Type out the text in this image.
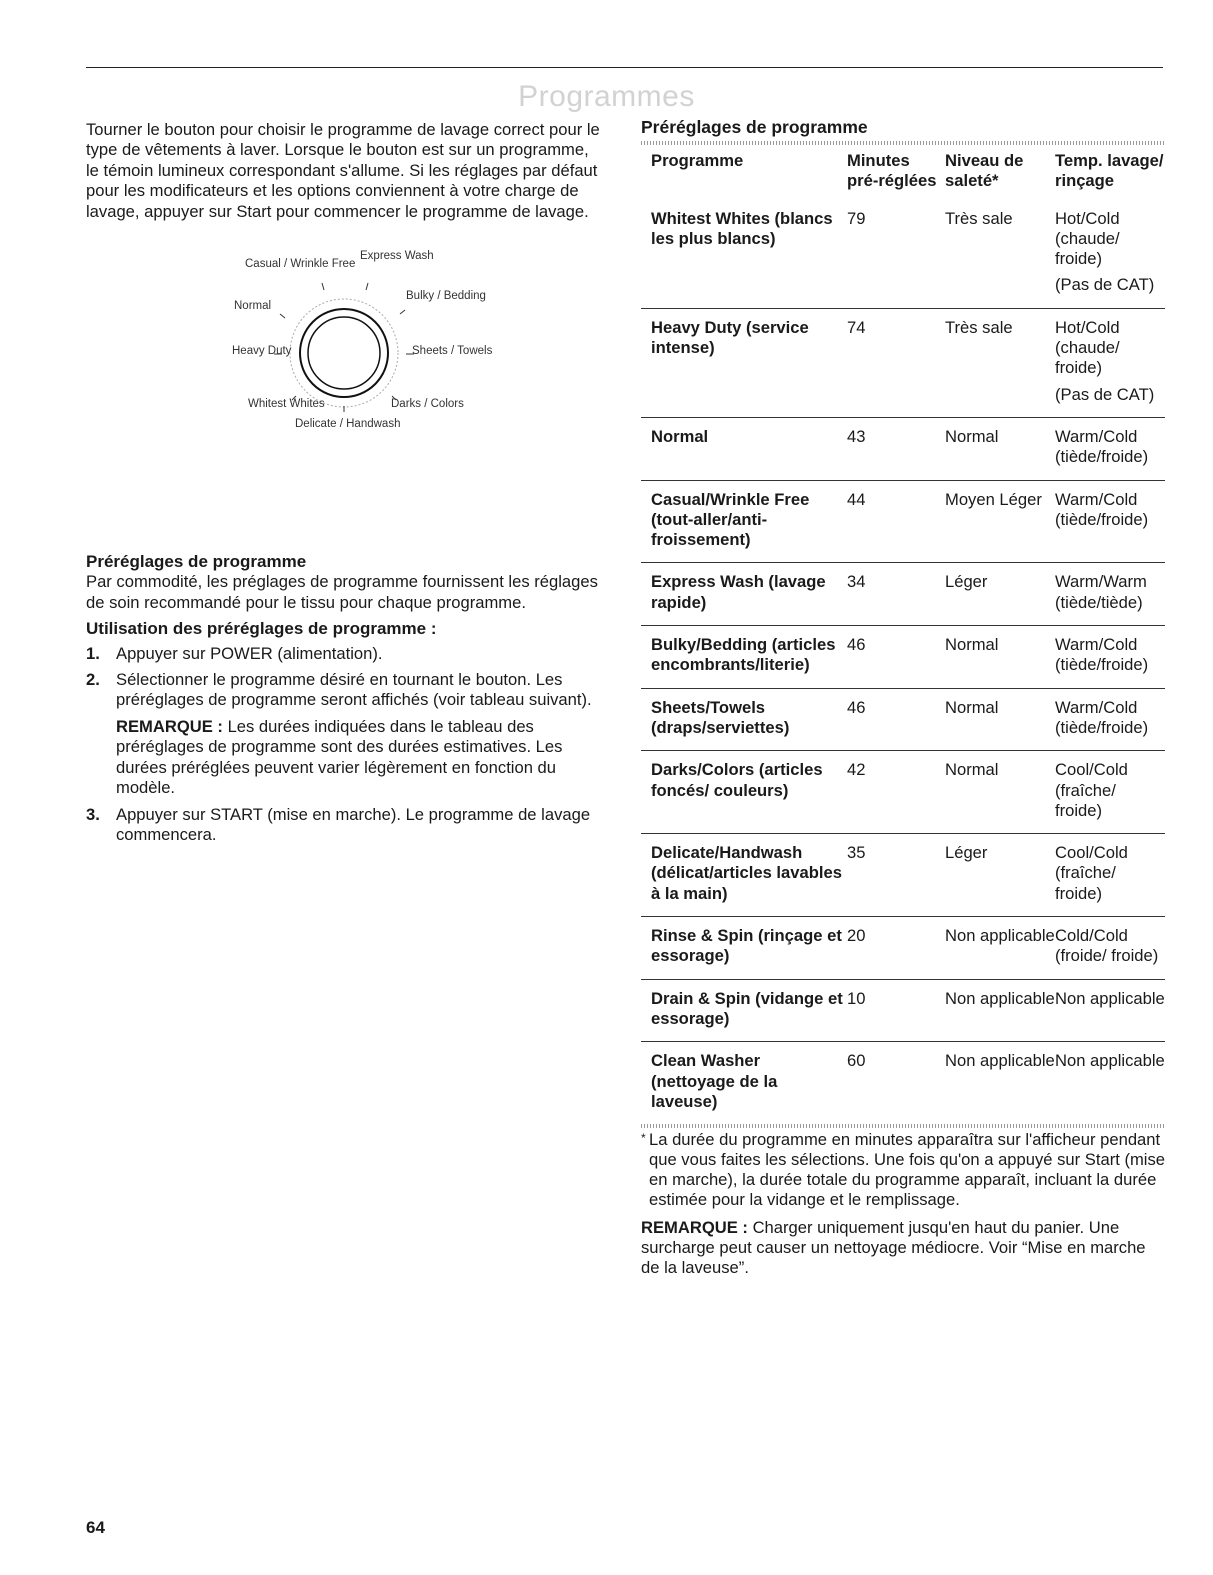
Programmes

Tourner le bouton pour choisir le programme de lavage correct pour le type de vêtements à laver. Lorsque le bouton est sur un programme, le témoin lumineux correspondant s'allume. Si les réglages par défaut pour les modificateurs et les options conviennent à votre charge de lavage, appuyer sur Start pour commencer le programme de lavage.

Préréglages de programme

Par commodité, les préglages de programme fournissent les réglages de soin recommandé pour le tissu pour chaque programme.

Utilisation des préréglages de programme :

1. Appuyer sur POWER (alimentation).
2. Sélectionner le programme désiré en tournant le bouton. Les préréglages de programme seront affichés (voir tableau suivant).

REMARQUE : Les durées indiquées dans le tableau des préréglages de programme sont des durées estimatives. Les durées préréglées peuvent varier légèrement en fonction du modèle.

3. Appuyer sur START (mise en marche). Le programme de lavage commencera.
Casual / Wrinkle Free
Express Wash
Normal
Bulky / Bedding
Heavy Duty	Sheets / Towels
Whitest Whites	Darks / Colors
Delicate / Handwash

Préréglages de programme

Programme	Minutes pré-réglées	Niveau de saleté*	Temp. lavage/ rinçage

Whitest Whites (blancs les plus blancs)	79	Très sale	Hot/Cold (chaude/ froide)
(Pas de CAT)

Heavy Duty (service intense)	74	Très sale	Hot/Cold (chaude/ froide)
(Pas de CAT)

Normal	43	Normal	Warm/Cold (tiède/froide)

Casual/Wrinkle Free (tout-aller/anti-froissement)	44	Moyen Léger	Warm/Cold (tiède/froide)

Express Wash (lavage rapide)	34	Léger	Warm/Warm (tiède/tiède)

Bulky/Bedding (articles encombrants/literie)	46	Normal	Warm/Cold (tiède/froide)

Sheets/Towels (draps/serviettes)	46	Normal	Warm/Cold (tiède/froide)

Darks/Colors (articles foncés/ couleurs)	42	Normal	Cool/Cold (fraîche/ froide)

Delicate/Handwash (délicat/articles lavables à la main)	35	Léger	Cool/Cold (fraîche/ froide)

Rinse & Spin (rinçage et essorage)	20	Non applicable	Cold/Cold (froide/ froide)

Drain & Spin (vidange et essorage)	10	Non applicable	Non applicable

Clean Washer (nettoyage de la laveuse)	60	Non applicable	Non applicable

* La durée du programme en minutes apparaîtra sur l'afficheur pendant que vous faites les sélections. Une fois qu'on a appuyé sur Start (mise en marche), la durée totale du programme apparaît, incluant la durée estimée pour la vidange et le remplissage.

REMARQUE : Charger uniquement jusqu'en haut du panier. Une surcharge peut causer un nettoyage médiocre. Voir “Mise en marche de la laveuse”.

64
